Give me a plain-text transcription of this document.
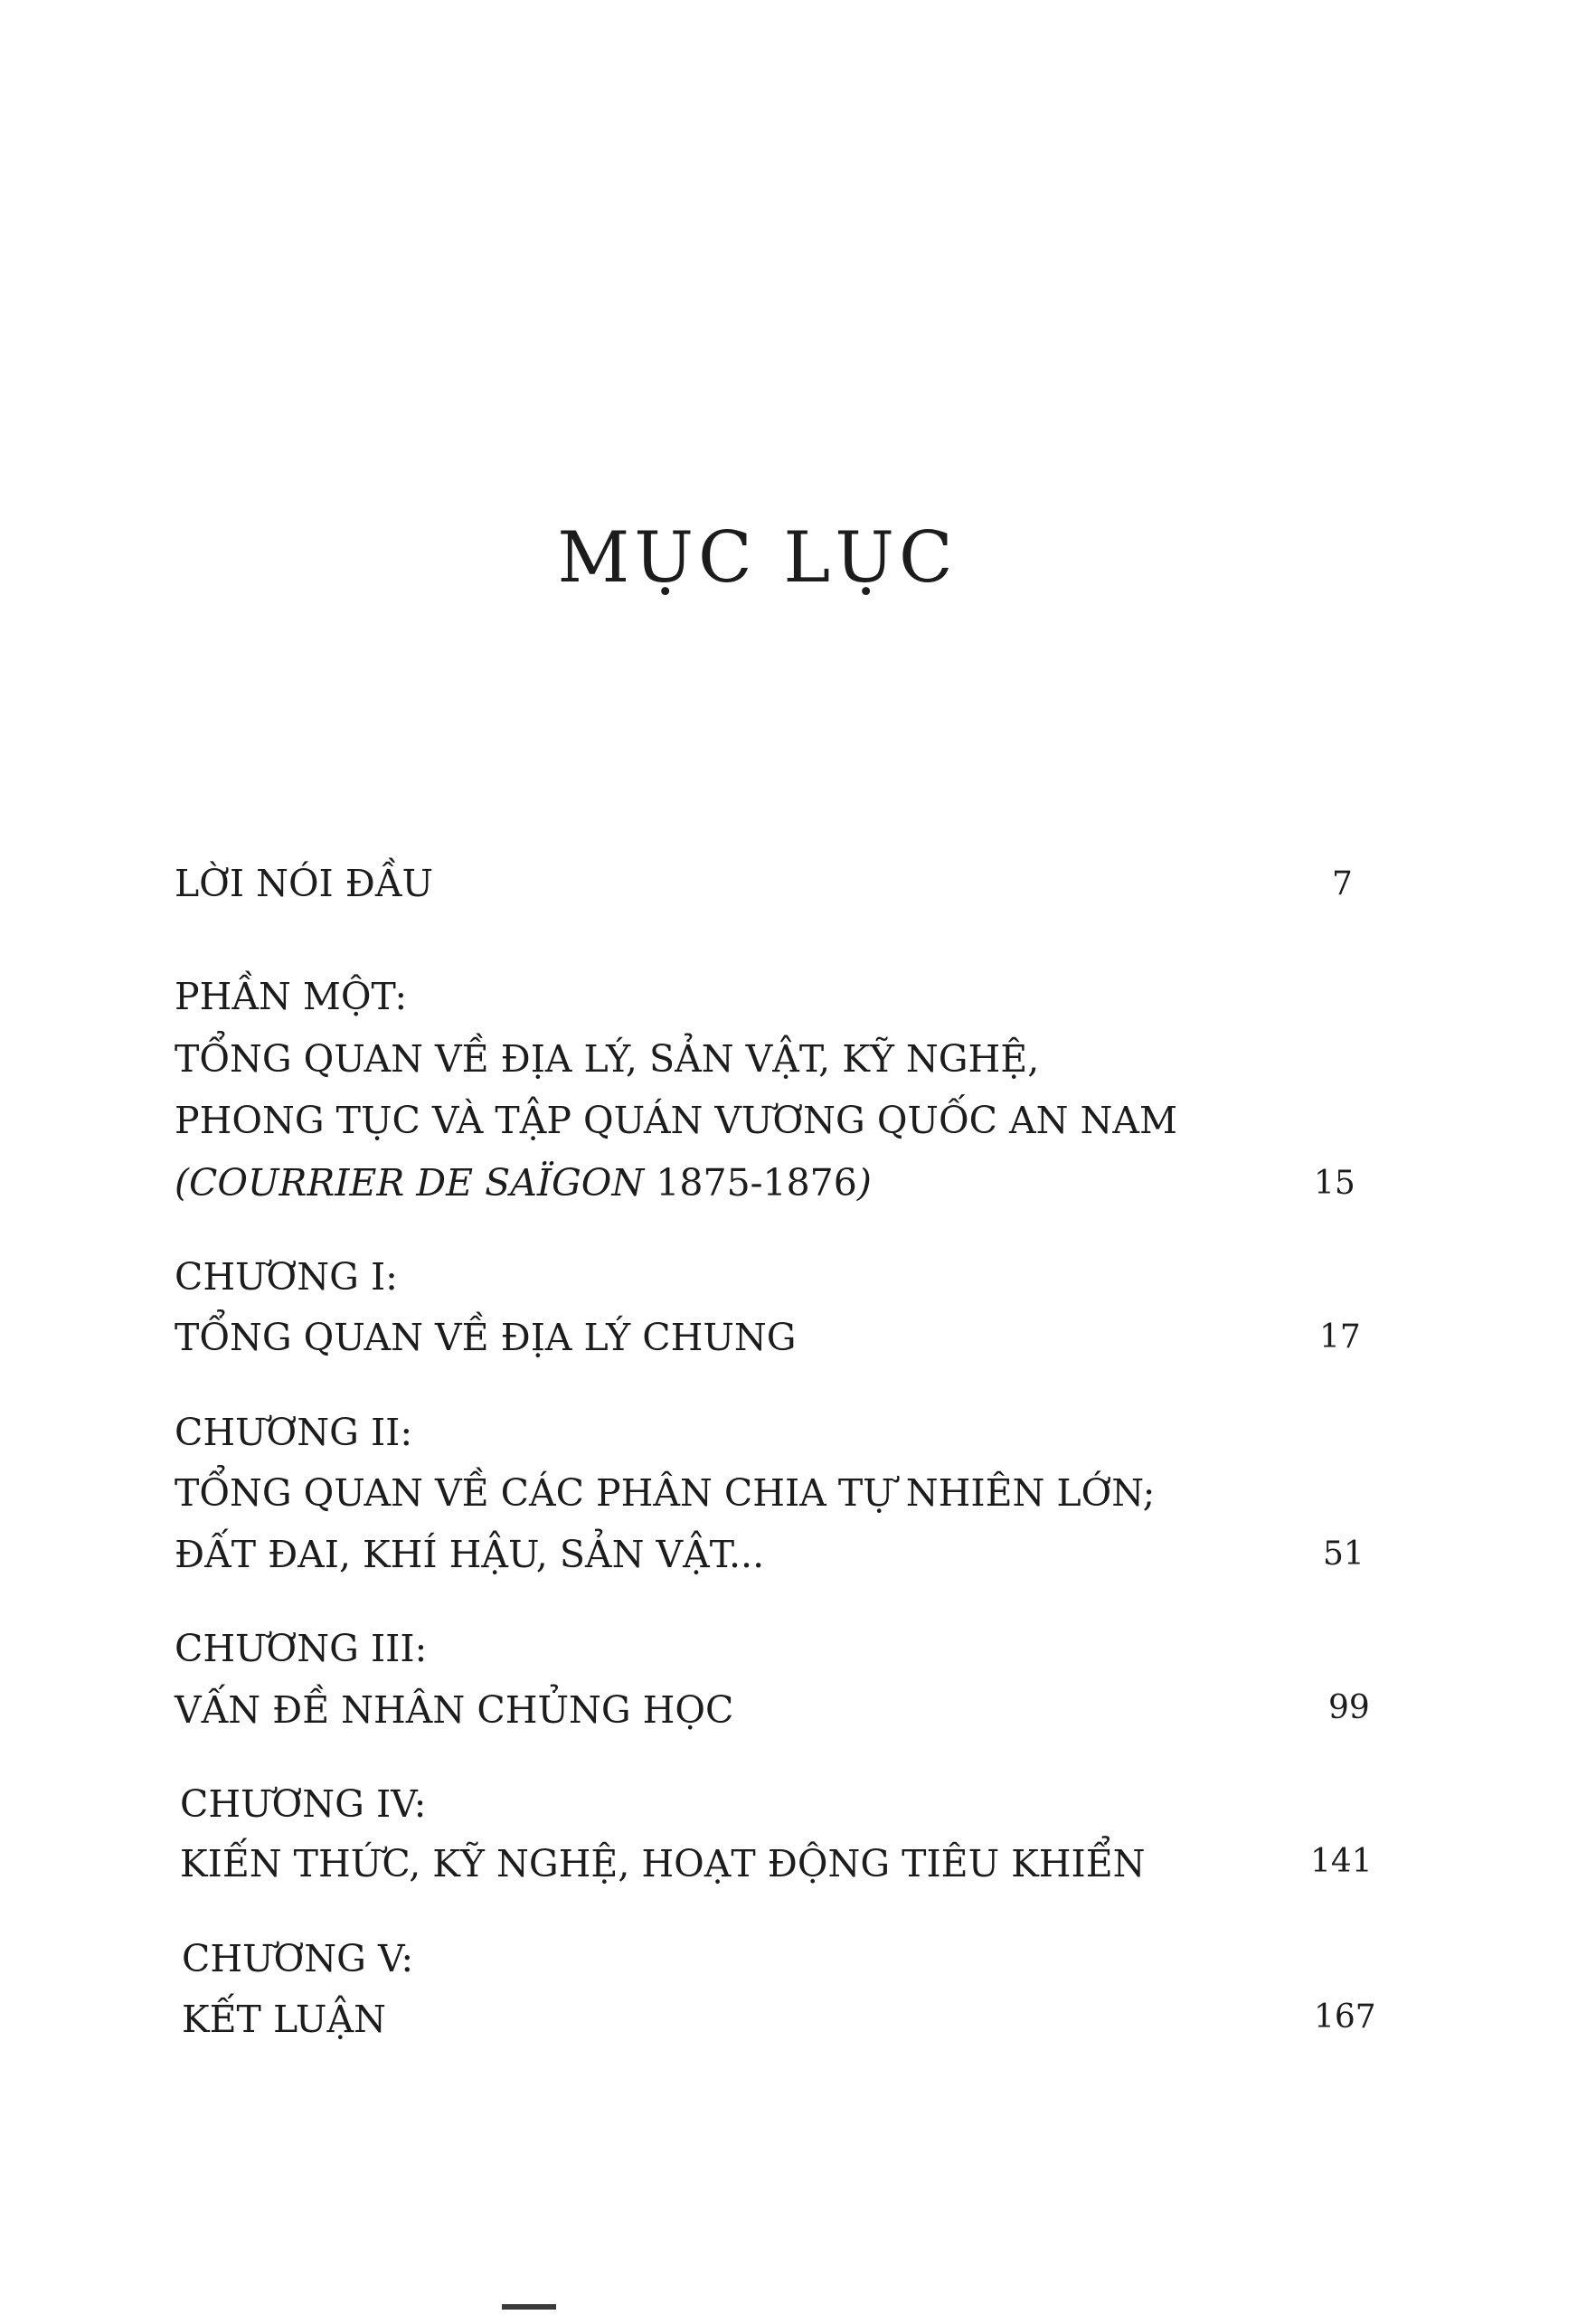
MỤC LỤC
LỜI NÓI ĐẦU	7
PHẦN MỘT:
TỔNG QUAN VỀ ĐỊA LÝ, SẢN VẬT, KỸ NGHỆ,
PHONG TỤC VÀ TẬP QUÁN VƯƠNG QUỐC AN NAM
(COURRIER DE SAÏGON 1875-1876)	15
CHƯƠNG I:
TỔNG QUAN VỀ ĐỊA LÝ CHUNG	17
CHƯƠNG II:
TỔNG QUAN VỀ CÁC PHÂN CHIA TỰ NHIÊN LỚN;
ĐẤT ĐAI, KHÍ HẬU, SẢN VẬT...	51
CHƯƠNG III:
VẤN ĐỀ NHÂN CHỦNG HỌC	99
CHƯƠNG IV:
KIẾN THỨC, KỸ NGHỆ, HOẠT ĐỘNG TIÊU KHIỂN	141
CHƯƠNG V:
KẾT LUẬN	167
